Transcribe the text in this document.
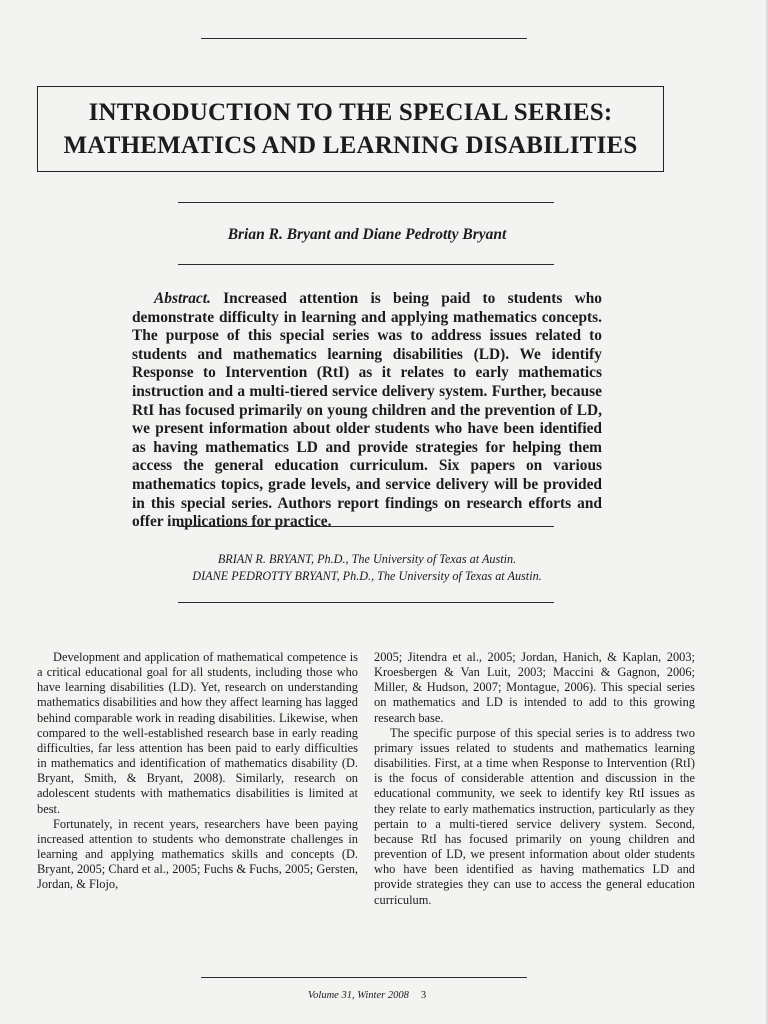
INTRODUCTION TO THE SPECIAL SERIES:
MATHEMATICS AND LEARNING DISABILITIES
Brian R. Bryant and Diane Pedrotty Bryant
Abstract. Increased attention is being paid to students who demonstrate difficulty in learning and applying mathematics concepts. The purpose of this special series was to address issues related to students and mathematics learning disabilities (LD). We identify Response to Intervention (RtI) as it relates to early mathematics instruction and a multi-tiered service delivery system. Further, because RtI has focused primarily on young children and the prevention of LD, we present information about older students who have been identified as having mathematics LD and provide strategies for helping them access the general education curriculum. Six papers on various mathematics topics, grade levels, and service delivery will be provided in this special series. Authors report findings on research efforts and offer implications for practice.
BRIAN R. BRYANT, Ph.D., The University of Texas at Austin.
DIANE PEDROTTY BRYANT, Ph.D., The University of Texas at Austin.

Development and application of mathematical competence is a critical educational goal for all students, including those who have learning disabilities (LD). Yet, research on understanding mathematics disabilities and how they affect learning has lagged behind comparable work in reading disabilities. Likewise, when compared to the well-established research base in early reading difficulties, far less attention has been paid to early difficulties in mathematics and identification of mathematics disability (D. Bryant, Smith, & Bryant, 2008). Similarly, research on adolescent students with mathematics disabilities is limited at best.

Fortunately, in recent years, researchers have been paying increased attention to students who demonstrate challenges in learning and applying mathematics skills and concepts (D. Bryant, 2005; Chard et al., 2005; Fuchs & Fuchs, 2005; Gersten, Jordan, & Flojo,

2005; Jitendra et al., 2005; Jordan, Hanich, & Kaplan, 2003; Kroesbergen & Van Luit, 2003; Maccini & Gagnon, 2006; Miller, & Hudson, 2007; Montague, 2006). This special series on mathematics and LD is intended to add to this growing research base.

The specific purpose of this special series is to address two primary issues related to students and mathematics learning disabilities. First, at a time when Response to Intervention (RtI) is the focus of considerable attention and discussion in the educational community, we seek to identify key RtI issues as they relate to early mathematics instruction, particularly as they pertain to a multi-tiered service delivery system. Second, because RtI has focused primarily on young children and prevention of LD, we present information about older students who have been identified as having mathematics LD and provide strategies they can use to access the general education curriculum.

Volume 31, Winter 2008 3
